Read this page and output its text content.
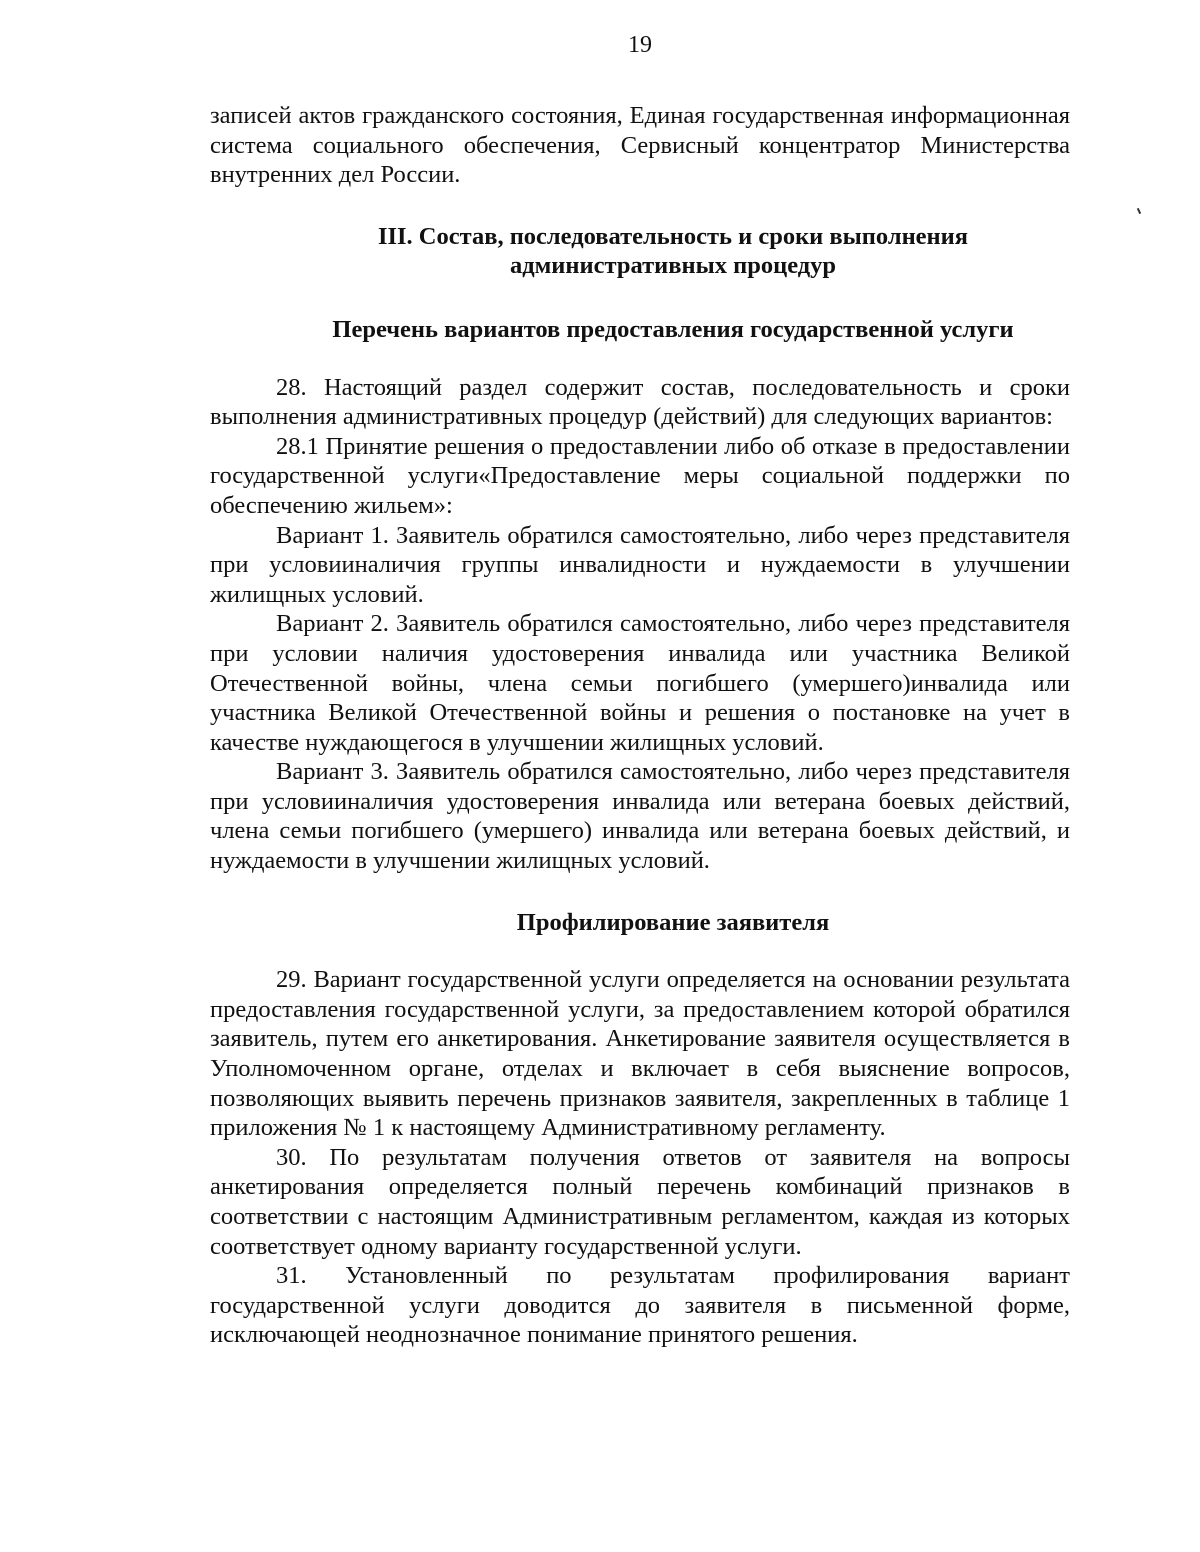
19

записей актов гражданского состояния, Единая государственная информационная система социального обеспечения, Сервисный концентратор Министерства внутренних дел России.

III. Состав, последовательность и сроки выполнения

административных процедур

Перечень вариантов предоставления государственной услуги

28. Настоящий раздел содержит состав, последовательность и сроки выполнения административных процедур (действий) для следующих вариантов:

28.1 Принятие решения о предоставлении либо об отказе в предоставлении государственной услуги«Предоставление меры социальной поддержки по обеспечению жильем»:

Вариант 1. Заявитель обратился самостоятельно, либо через представителя при условииналичия группы инвалидности и нуждаемости в улучшении жилищных условий.

Вариант 2. Заявитель обратился самостоятельно, либо через представителя при условии наличия удостоверения инвалида или участника Великой Отечественной войны, члена семьи погибшего (умершего)инвалида или участника Великой Отечественной войны и решения о постановке на учет в качестве нуждающегося в улучшении жилищных условий.

Вариант 3. Заявитель обратился самостоятельно, либо через представителя при условииналичия удостоверения инвалида или ветерана боевых действий, члена семьи погибшего (умершего) инвалида или ветерана боевых действий, и нуждаемости в улучшении жилищных условий.

Профилирование заявителя

29. Вариант государственной услуги определяется на основании результата предоставления государственной услуги, за предоставлением которой обратился заявитель, путем его анкетирования. Анкетирование заявителя осуществляется в Уполномоченном органе, отделах и включает в себя выяснение вопросов, позволяющих выявить перечень признаков заявителя, закрепленных в таблице 1 приложения № 1 к настоящему Административному регламенту.

30. По результатам получения ответов от заявителя на вопросы анкетирования определяется полный перечень комбинаций признаков в соответствии с настоящим Административным регламентом, каждая из которых соответствует одному варианту государственной услуги.

31. Установленный по результатам профилирования вариант государственной услуги доводится до заявителя в письменной форме, исключающей неоднозначное понимание принятого решения.
